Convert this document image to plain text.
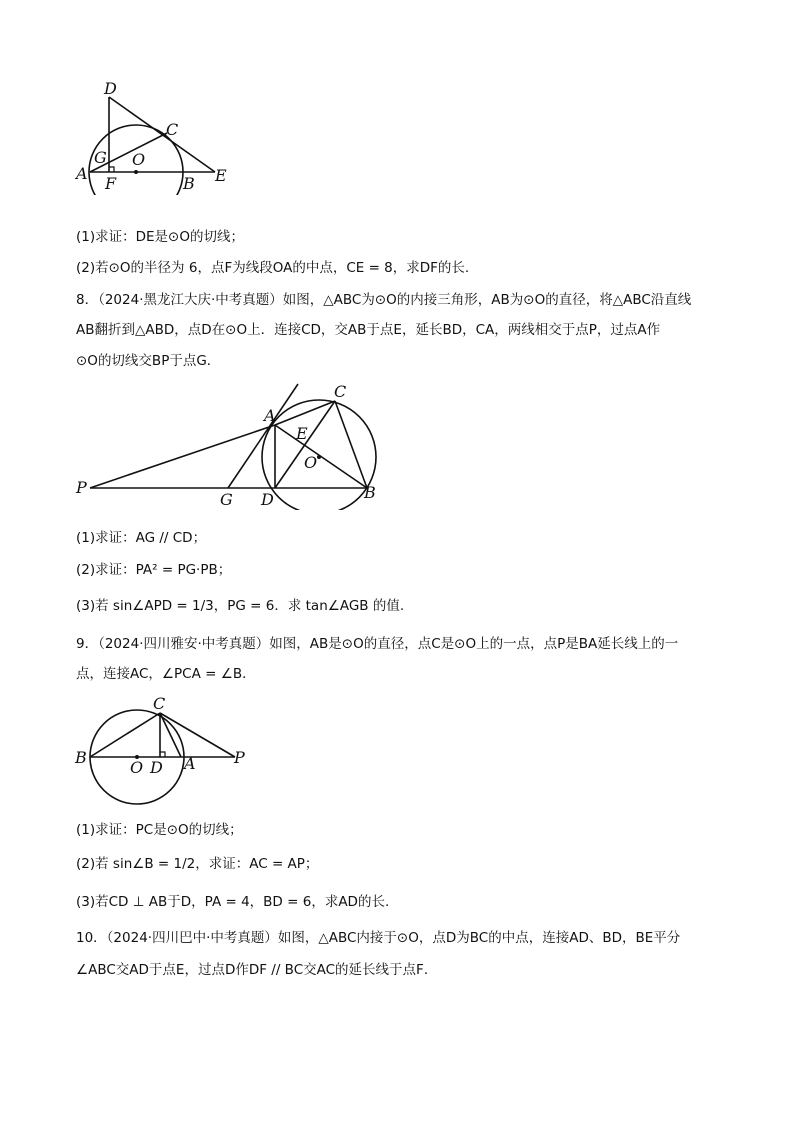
D
C
G O
A
F	B E
(1)求证：DE是⊙O的切线；
(2)若⊙O的半径为 6，点F为线段OA的中点，CE = 8，求DF的长.
8．（2024·黑龙江大庆·中考真题）如图，△ABC为⊙O的内接三角形，AB为⊙O的直径，将△ABC沿直线
AB翻折到△ABD，点D在⊙O上．连接CD，交AB于点E，延长BD，CA，两线相交于点P，过点A作
⊙O的切线交BP于点G．
A
C
E
O
P
G D	B
(1)求证：AG // CD；
(2)求证：PA² = PG·PB；
(3)若 sin∠APD = 1/3，PG = 6．求 tan∠AGB 的值.
9．（2024·四川雅安·中考真题）如图，AB是⊙O的直径，点C是⊙O上的一点，点P是BA延长线上的一
点，连接AC，∠PCA = ∠B．
C
B
O D A P
(1)求证：PC是⊙O的切线；
(2)若 sin∠B = 1/2，求证：AC = AP；
(3)若CD ⊥ AB于D，PA = 4，BD = 6，求AD的长.
10．（2024·四川巴中·中考真题）如图，△ABC内接于⊙O，点D为BC的中点，连接AD、BD，BE平分
∠ABC交AD于点E，过点D作DF // BC交AC的延长线于点F．
